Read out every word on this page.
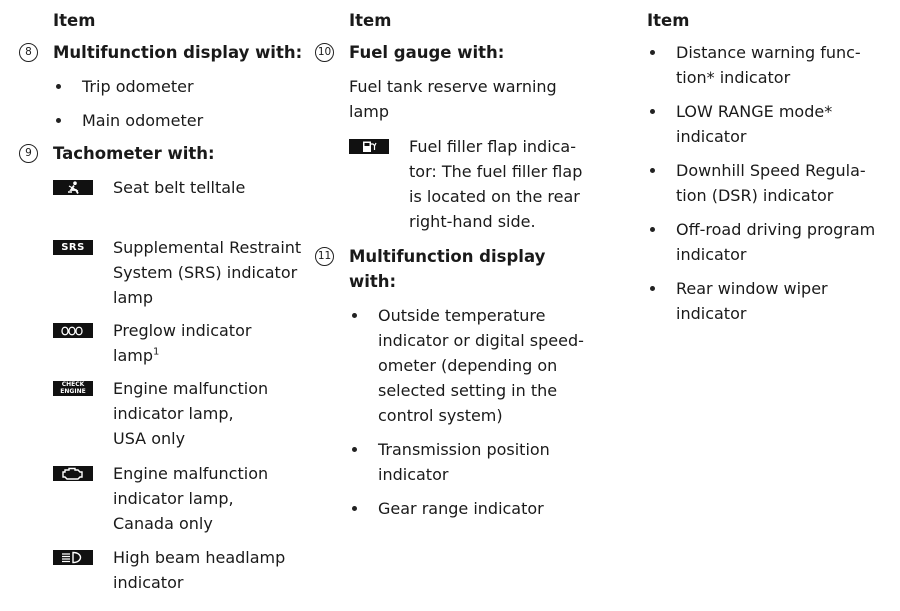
Item
8	Multifunction display with:
Trip odometer
Main odometer
9	Tachometer with:
Seat belt telltale
SRS Supplemental Restraint System (SRS) indicator lamp
Preglow indicator lamp$^1$
CHECK
ENGINE Engine malfunction
indicator lamp,
USA only
Engine malfunction
indicator lamp,
Canada only
High beam headlamp
indicator
Item
10 Fuel gauge with:
Fuel tank reserve warning
lamp
Fuel filler flap indica-
tor: The fuel filler flap
is located on the rear
right-hand side.
11 Multifunction display
with:
Outside temperature
indicator or digital speed-
ometer (depending on
selected setting in the
control system)
Transmission position
indicator
Gear range indicator
Item
Distance warning func-
tion* indicator
LOW RANGE mode*
indicator
Downhill Speed Regula-
tion (DSR) indicator
Off-road driving program
indicator
Rear window wiper
indicator
